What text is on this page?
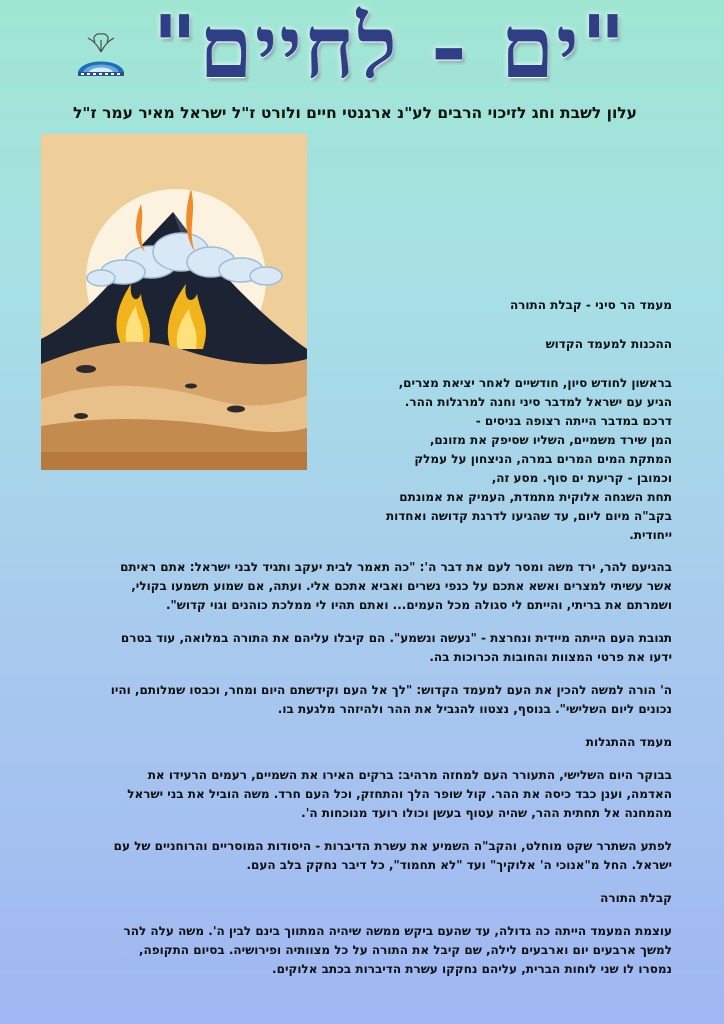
"ים - לחיים"
עלון לשבת וחג לזיכוי הרבים לע"נ ארגנטי חיים ולורט ז"ל ישראל מאיר עמר ז"ל

מעמד הר סיני - קבלת התורה

ההכנות למעמד הקדוש

בראשון לחודש סיון, חודשיים לאחר יציאת מצרים,

הגיע עם ישראל למדבר סיני וחנה למרגלות ההר.

דרכם במדבר הייתה רצופה בניסים -

המן שירד משמיים, השליו שסיפק את מזונם,

המתקת המים המרים במרה, הניצחון על עמלק

וכמובן - קריעת ים סוף. מסע זה,

תחת השגחה אלוקית מתמדת, העמיק את אמונתם

בקב"ה מיום ליום, עד שהגיעו לדרגת קדושה ואחדות

ייחודית.

בהגיעם להר, ירד משה ומסר לעם את דבר ה': "כה תאמר לבית יעקב ותגיד לבני ישראל: אתם ראיתם אשר עשיתי למצרים ואשא אתכם על כנפי נשרים ואביא אתכם אלי. ועתה, אם שמוע תשמעו בקולי, ושמרתם את בריתי, והייתם לי סגולה מכל העמים... ואתם תהיו לי ממלכת כוהנים וגוי קדוש".

תגובת העם הייתה מיידית ונחרצת - "נעשה ונשמע". הם קיבלו עליהם את התורה במלואה, עוד בטרם ידעו את פרטי המצוות והחובות הכרוכות בה.

ה' הורה למשה להכין את העם למעמד הקדוש: "לך אל העם וקידשתם היום ומחר, וכבסו שמלותם, והיו נכונים ליום השלישי". בנוסף, נצטוו להגביל את ההר ולהיזהר מלגעת בו.

מעמד ההתגלות

בבוקר היום השלישי, התעורר העם למחזה מרהיב: ברקים האירו את השמיים, רעמים הרעידו את האדמה, וענן כבד כיסה את ההר. קול שופר הלך והתחזק, וכל העם חרד. משה הוביל את בני ישראל מהמחנה אל תחתית ההר, שהיה עטוף בעשן וכולו רועד מנוכחות ה'.

לפתע השתרר שקט מוחלט, והקב"ה השמיע את עשרת הדיברות - היסודות המוסריים והרוחניים של עם ישראל. החל מ"אנוכי ה' אלוקיך" ועד "לא תחמוד", כל דיבר נחקק בלב העם.

קבלת התורה

עוצמת המעמד הייתה כה גדולה, עד שהעם ביקש ממשה שיהיה המתווך בינם לבין ה'. משה עלה להר למשך ארבעים יום וארבעים לילה, שם קיבל את התורה על כל מצוותיה ופירושיה. בסיום התקופה, נמסרו לו שני לוחות הברית, עליהם נחקקו עשרת הדיברות בכתב אלוקים.
